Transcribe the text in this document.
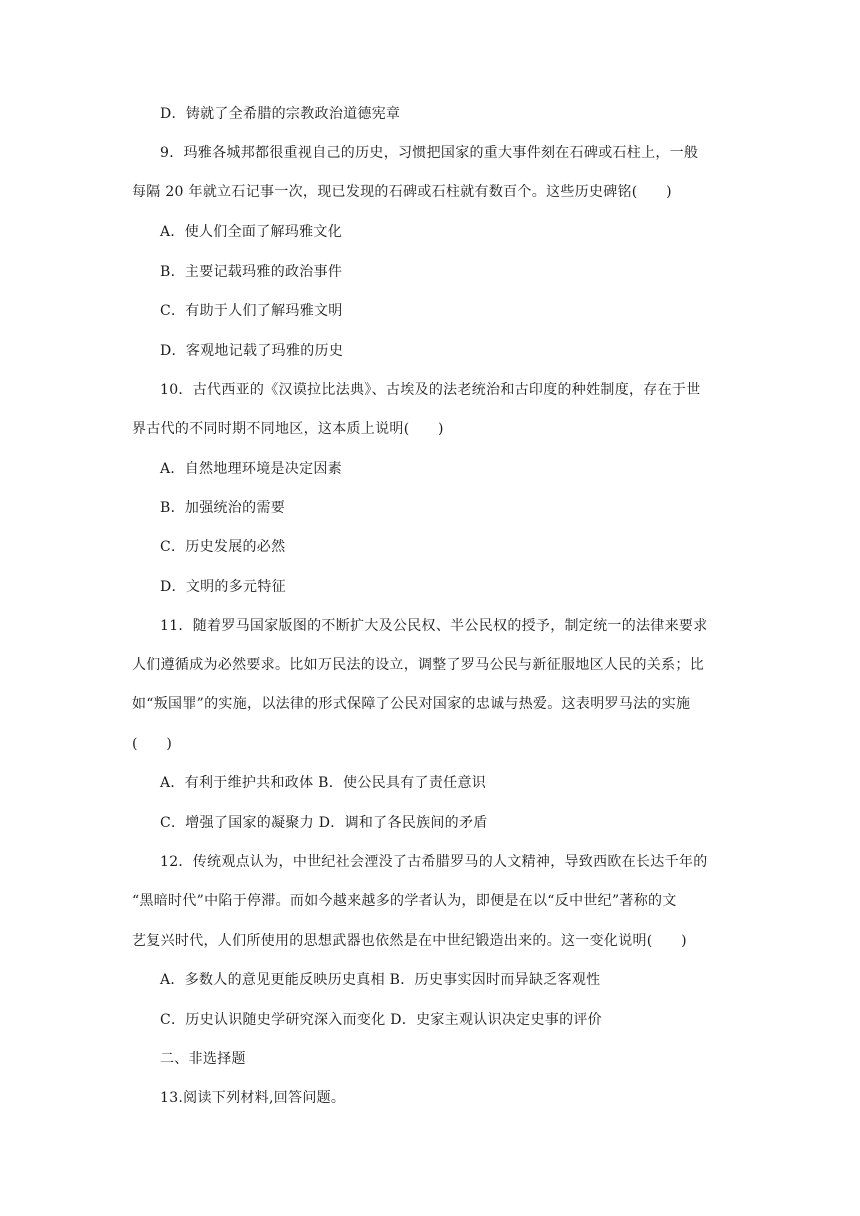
D．铸就了全希腊的宗教政治道德宪章
9．玛雅各城邦都很重视自己的历史，习惯把国家的重大事件刻在石碑或石柱上，一般
每隔 20 年就立石记事一次，现已发现的石碑或石柱就有数百个。这些历史碑铭(　　)
A．使人们全面了解玛雅文化
B．主要记载玛雅的政治事件
C．有助于人们了解玛雅文明
D．客观地记载了玛雅的历史
10．古代西亚的《汉谟拉比法典》、古埃及的法老统治和古印度的种姓制度，存在于世
界古代的不同时期不同地区，这本质上说明(　　)
A．自然地理环境是决定因素
B．加强统治的需要
C．历史发展的必然
D．文明的多元特征
11．随着罗马国家版图的不断扩大及公民权、半公民权的授予，制定统一的法律来要求
人们遵循成为必然要求。比如万民法的设立，调整了罗马公民与新征服地区人民的关系；比
如“叛国罪”的实施，以法律的形式保障了公民对国家的忠诚与热爱。这表明罗马法的实施
(　　)
A．有利于维护共和政体 B．使公民具有了责任意识
C．增强了国家的凝聚力 D．调和了各民族间的矛盾
12．传统观点认为，中世纪社会湮没了古希腊罗马的人文精神，导致西欧在长达千年的
“黑暗时代”中陷于停滞。而如今越来越多的学者认为，即便是在以“反中世纪”著称的文
艺复兴时代，人们所使用的思想武器也依然是在中世纪锻造出来的。这一变化说明(　　)
A．多数人的意见更能反映历史真相 B．历史事实因时而异缺乏客观性
C．历史认识随史学研究深入而变化 D．史家主观认识决定史事的评价
二、非选择题
13.阅读下列材料,回答问题。
